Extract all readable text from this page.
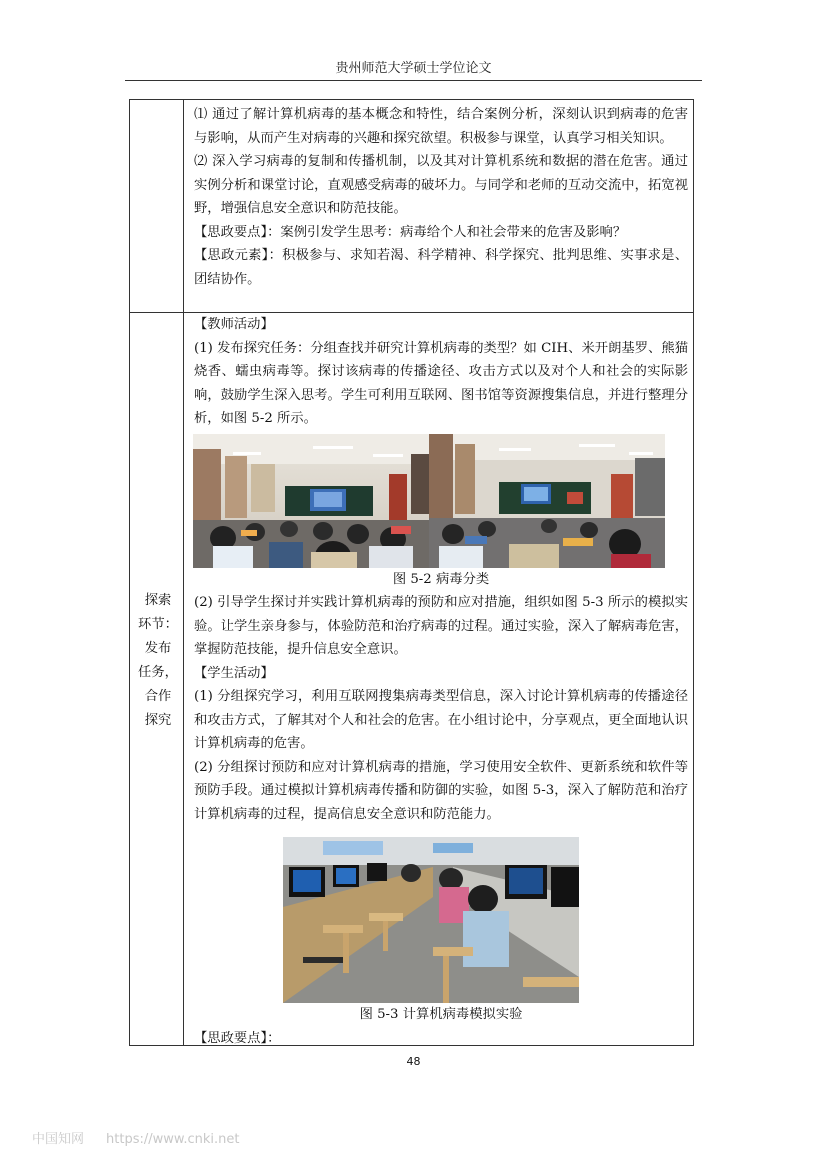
贵州师范大学硕士学位论文

⑴ 通过了解计算机病毒的基本概念和特性，结合案例分析，深刻认识到病毒的危害与影响，从而产生对病毒的兴趣和探究欲望。积极参与课堂，认真学习相关知识。

⑵ 深入学习病毒的复制和传播机制，以及其对计算机系统和数据的潜在危害。通过实例分析和课堂讨论，直观感受病毒的破坏力。与同学和老师的互动交流中，拓宽视野，增强信息安全意识和防范技能。

【思政要点】：案例引发学生思考：病毒给个人和社会带来的危害及影响？

【思政元素】：积极参与、求知若渴、科学精神、科学探究、批判思维、实事求是、团结协作。

探索
环节：
发布
任务，
合作
探究

【教师活动】

(1) 发布探究任务：分组查找并研究计算机病毒的类型？如 CIH、米开朗基罗、熊猫烧香、蠕虫病毒等。探讨该病毒的传播途径、攻击方式以及对个人和社会的实际影响，鼓励学生深入思考。学生可利用互联网、图书馆等资源搜集信息，并进行整理分析，如图 5-2 所示。

图 5-2 病毒分类

(2) 引导学生探讨并实践计算机病毒的预防和应对措施，组织如图 5-3 所示的模拟实验。让学生亲身参与，体验防范和治疗病毒的过程。通过实验，深入了解病毒危害，掌握防范技能，提升信息安全意识。

【学生活动】

(1) 分组探究学习，利用互联网搜集病毒类型信息，深入讨论计算机病毒的传播途径和攻击方式，了解其对个人和社会的危害。在小组讨论中，分享观点，更全面地认识计算机病毒的危害。

(2) 分组探讨预防和应对计算机病毒的措施，学习使用安全软件、更新系统和软件等预防手段。通过模拟计算机病毒传播和防御的实验，如图 5-3，深入了解防范和治疗计算机病毒的过程，提高信息安全意识和防范能力。

图 5-3 计算机病毒模拟实验

【思政要点】：

48
中国知网 https://www.cnki.net
